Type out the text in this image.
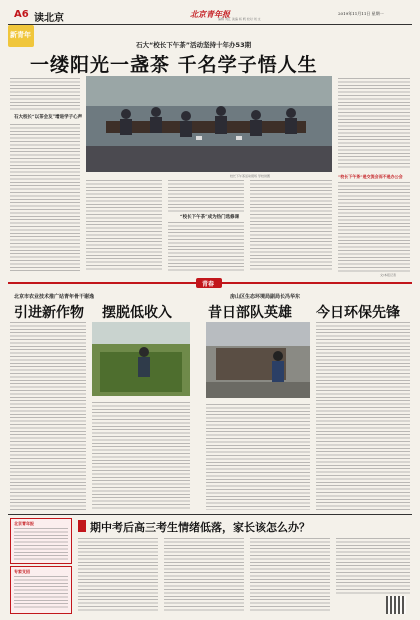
A6 读北京	北京青年报	2019年11月11日 星期一
编辑 刘江 美编 杨 帆 校对 刘 文
新青年
石大“校长下午茶”活动坚持十年办53期
一缕阳光一盏茶 千名学子悟人生
石大校长“以茶会友”增进学子心声
校长下午茶活动现场 学校供图	“校长下午茶”是交流会而不是办公会
“校长下午茶”成为热门选修课
文/本报记者
青春
北京市农业技术推广站青年骨干谢逸
引进新作物 摆脱低收入
房山区生态环境局副局长冯华东
昔日部队英雄 今日环保先锋
北京青年报
专家支招
期中考后高三考生情绪低落，家长该怎么办？
